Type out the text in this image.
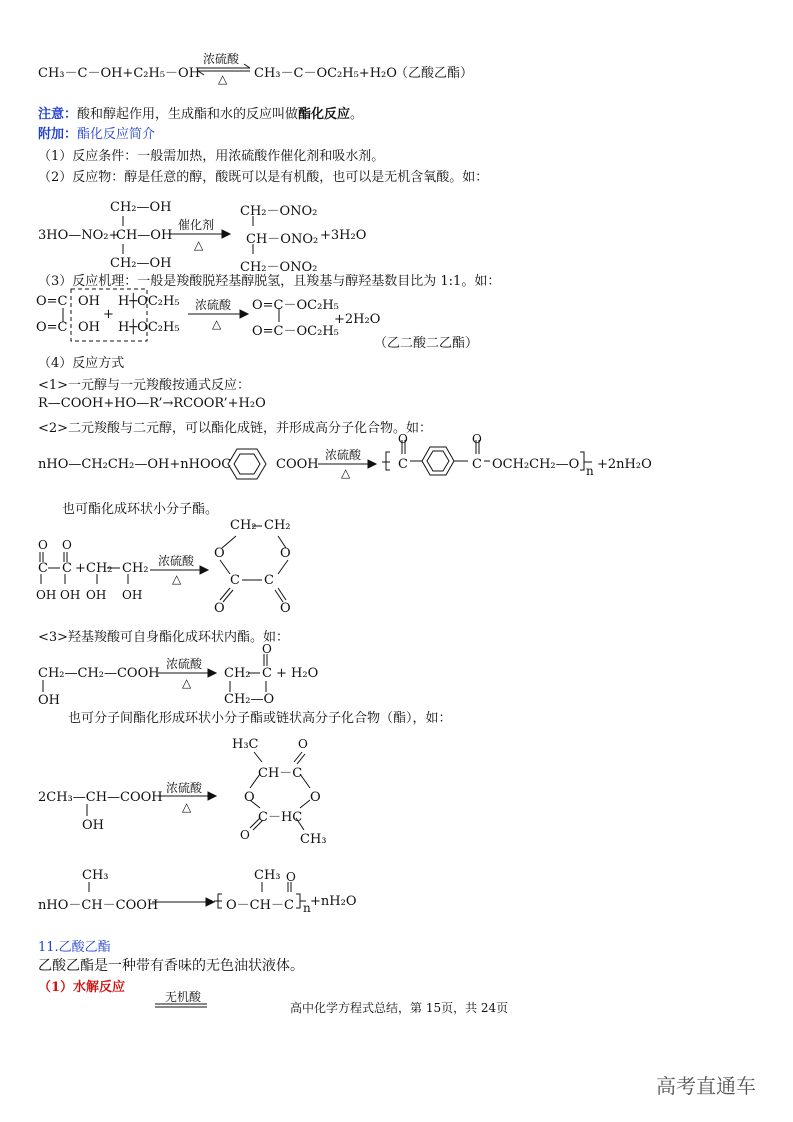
CH₃－C－OH+C₂H₅－OH
浓硫酸
△ CH₃－C－OC₂H₅+H₂O
（乙酸乙酯）
注意：酸和醇起作用，生成酯和水的反应叫做酯化反应。
附加：酯化反应简介
（1）反应条件：一般需加热，用浓硫酸作催化剂和吸水剂。
（2）反应物：醇是任意的醇，酸既可以是有机酸，也可以是无机含氧酸。如：
3HO—NO₂+
CH₂—OH
CH—OH
CH₂—OH
催化剂
△
CH₂－ONO₂
CH－ONO₂
CH₂－ONO₂
+3H₂O
（3）反应机理：一般是羧酸脱羟基醇脱氢，且羧基与醇羟基数目比为 1:1。如：
O=C
O=C
OH
OH
+
H┼OC₂H₅
H┼OC₂H₅
浓硫酸
△
O=C－OC₂H₅
O=C－OC₂H₅
+2H₂O
（乙二酸二乙酯）
（4）反应方式
<1>一元醇与一元羧酸按通式反应：
R—COOH+HO—R’→RCOOR’+H₂O
<2>二元羧酸与二元醇，可以酯化成链，并形成高分子化合物。如：
nHO—CH₂CH₂—OH+nHOOC	COOH
浓硫酸
△
O
C
O
C OCH₂CH₂—O n +2nH₂O
也可酯化成环状小分子酯。
O O
C C + CH₂ CH₂
OH OH OH OH
浓硫酸
△
CH₂ CH₂
O	O
C C
O	O
<3>羟基羧酸可自身酯化成环状内酯。如：
CH₂—CH₂—COOH
OH
浓硫酸
△
O
CH₂ C + H₂O
CH₂—O
也可分子间酯化形成环状小分子酯或链状高分子化合物（酯），如：
2CH₃—CH—COOH
OH
浓硫酸
△
H₃C	O
CH－C
O	O
C－HC
O	CH₃
CH₃
nHO－CH－COOH
CH₃ O
O－CH－C n +nH₂O
11.乙酸乙酯
乙酸乙酯是一种带有香味的无色油状液体。
（1）水解反应
无机酸
高中化学方程式总结，第 15页，共 24页
高考直通车
